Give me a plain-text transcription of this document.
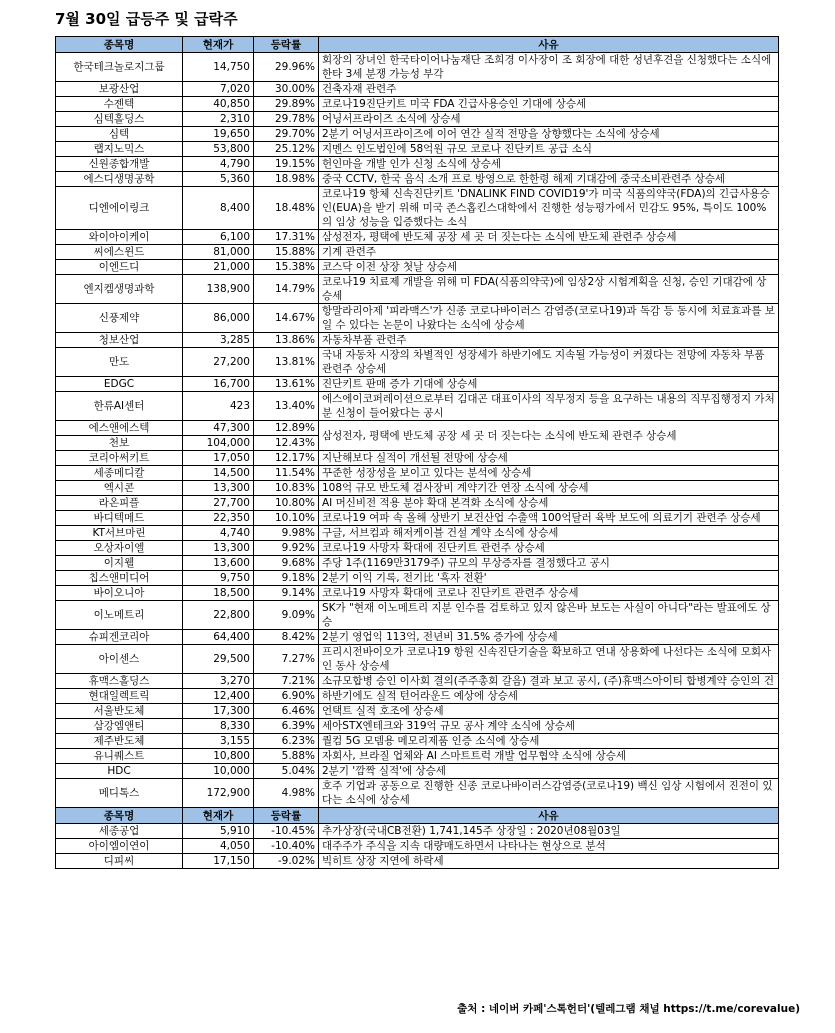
7월 30일 급등주 및 급락주
종목명	현재가	등락률	사유
한국테크놀로지그룹	14,750	29.96%	회장의 장녀인 한국타이어나눔재단 조희경 이사장이 조 회장에 대한 성년후견을 신청했다는 소식에 한타 3세 분쟁 가능성 부각
보광산업	7,020	30.00%	건축자재 관련주
수젠텍	40,850	29.89%	코로나19진단키트 미국 FDA 긴급사용승인 기대에 상승세
심텍홀딩스	2,310	29.78%	어닝서프라이즈 소식에 상승세
심텍	19,650	29.70%	2분기 어닝서프라이즈에 이어 연간 실적 전망을 상향했다는 소식에 상승세
랩지노믹스	53,800	25.12%	지멘스 인도법인에 58억원 규모 코로나 진단키트 공급 소식
신원종합개발	4,790	19.15%	헌인마을 개발 인가 신청 소식에 상승세
에스디생명공학	5,360	18.98%	중국 CCTV, 한국 음식 소개 프로 방영으로 한한령 해제 기대감에 중국소비관련주 상승세
디엔에이링크	8,400	18.48%	코로나19 항체 신속진단키트 'DNALINK FIND COVID19'가 미국 식품의약국(FDA)의 긴급사용승인(EUA)을 받기 위해 미국 존스홉킨스대학에서 진행한 성능평가에서 민감도 95%, 특이도 100%의 임상 성능을 입증했다는 소식
와이아이케이	6,100	17.31%	삼성전자, 평택에 반도체 공장 세 곳 더 짓는다는 소식에 반도체 관련주 상승세
씨에스윈드	81,000	15.88%	기계 관련주
이엔드디	21,000	15.38%	코스닥 이전 상장 첫날 상승세
엔지켐생명과학	138,900	14.79%	코로나19 치료제 개발을 위해 미 FDA(식품의약국)에 임상2상 시험계획을 신청, 승인 기대감에 상승세
신풍제약	86,000	14.67%	항말라리아제 '피라맥스'가 신종 코로나바이러스 감염증(코로나19)과 독감 등 동시에 치료효과를 보일 수 있다는 논문이 나왔다는 소식에 상승세
청보산업	3,285	13.86%	자동차부품 관련주
만도	27,200	13.81%	국내 자동차 시장의 차별적인 성장세가 하반기에도 지속될 가능성이 커졌다는 전망에 자동차 부품 관련주 상승세
EDGC	16,700	13.61%	진단키트 판매 증가 기대에 상승세
한류AI센터	423	13.40%	에스에이코퍼레이션으로부터 김대곤 대표이사의 직무정지 등을 요구하는 내용의 직무집행정지 가처분 신청이 들어왔다는 공시
에스앤에스텍	47,300	12.89%	삼성전자, 평택에 반도체 공장 세 곳 더 짓는다는 소식에 반도체 관련주 상승세
천보	104,000	12.43%	
코리아써키트	17,050	12.17%	지난해보다 실적이 개선될 전망에 상승세
세종메디칼	14,500	11.54%	꾸준한 성장성을 보이고 있다는 분석에 상승세
엑시콘	13,300	10.83%	108억 규모 반도체 검사장비 계약기간 연장 소식에 상승세
라온피플	27,700	10.80%	AI 머신비전 적용 분야 확대 본격화 소식에 상승세
바디텍메드	22,350	10.10%	코로나19 여파 속 올해 상반기 보건산업 수출액 100억달러 육박 보도에 의료기기 관련주 상승세
KT서브마린	4,740	9.98%	구글, 서브컴과 해저케이블 건설 계약 소식에 상승세
오상자이엘	13,300	9.92%	코로나19 사망자 확대에 진단키트 관련주 상승세
이지웰	13,600	9.68%	주당 1주(1169만3179주) 규모의 무상증자를 결정했다고 공시
칩스앤미디어	9,750	9.18%	2분기 이익 기록, 전기比 '흑자 전환'
바이오니아	18,500	9.14%	코로나19 사망자 확대에 코로나 진단키트 관련주 상승세
이노메트리	22,800	9.09%	SK가 "현재 이노메트리 지분 인수를 검토하고 있지 않은바 보도는 사실이 아니다"라는 발표에도 상승
슈피겐코리아	64,400	8.42%	2분기 영업익 113억, 전년비 31.5% 증가에 상승세
아이센스	29,500	7.27%	프리시전바이오가 코로나19 항원 신속진단기술을 확보하고 연내 상용화에 나선다는 소식에 모회사인 동사 상승세
휴맥스홀딩스	3,270	7.21%	소규모합병 승인 이사회 결의(주주총회 갈음) 결과 보고 공시, (주)휴맥스아이티 합병계약 승인의 건
현대일렉트릭	12,400	6.90%	하반기에도 실적 턴어라운드 예상에 상승세
서울반도체	17,300	6.46%	언택트 실적 호조에 상승세
삼강엠앤티	8,330	6.39%	세아STX엔테크와 319억 규모 공사 계약 소식에 상승세
제주반도체	3,155	6.23%	퀄컴 5G 모뎀용 메모리제품 인증 소식에 상승세
유니퀘스트	10,800	5.88%	자회사, 브라질 업체와 AI 스마트트럭 개발 업무협약 소식에 상승세
HDC	10,000	5.04%	2분기 '깜짝 실적'에 상승세
메디톡스	172,900	4.98%	호주 기업과 공동으로 진행한 신종 코로나바이러스감염증(코로나19) 백신 임상 시험에서 진전이 있다는 소식에 상승세
종목명	현재가	등락률	사유
세종공업	5,910	-10.45%	추가상장(국내CB전환) 1,741,145주 상장일 : 2020년08월03일
아이엠이연이	4,050	-10.40%	대주주가 주식을 지속 대량매도하면서 나타나는 현상으로 분석
디피씨	17,150	-9.02%	빅히트 상장 지연에 하락세
출처 : 네이버 카페'스톡헌터'(텔레그램 채널 https://t.me/corevalue)
